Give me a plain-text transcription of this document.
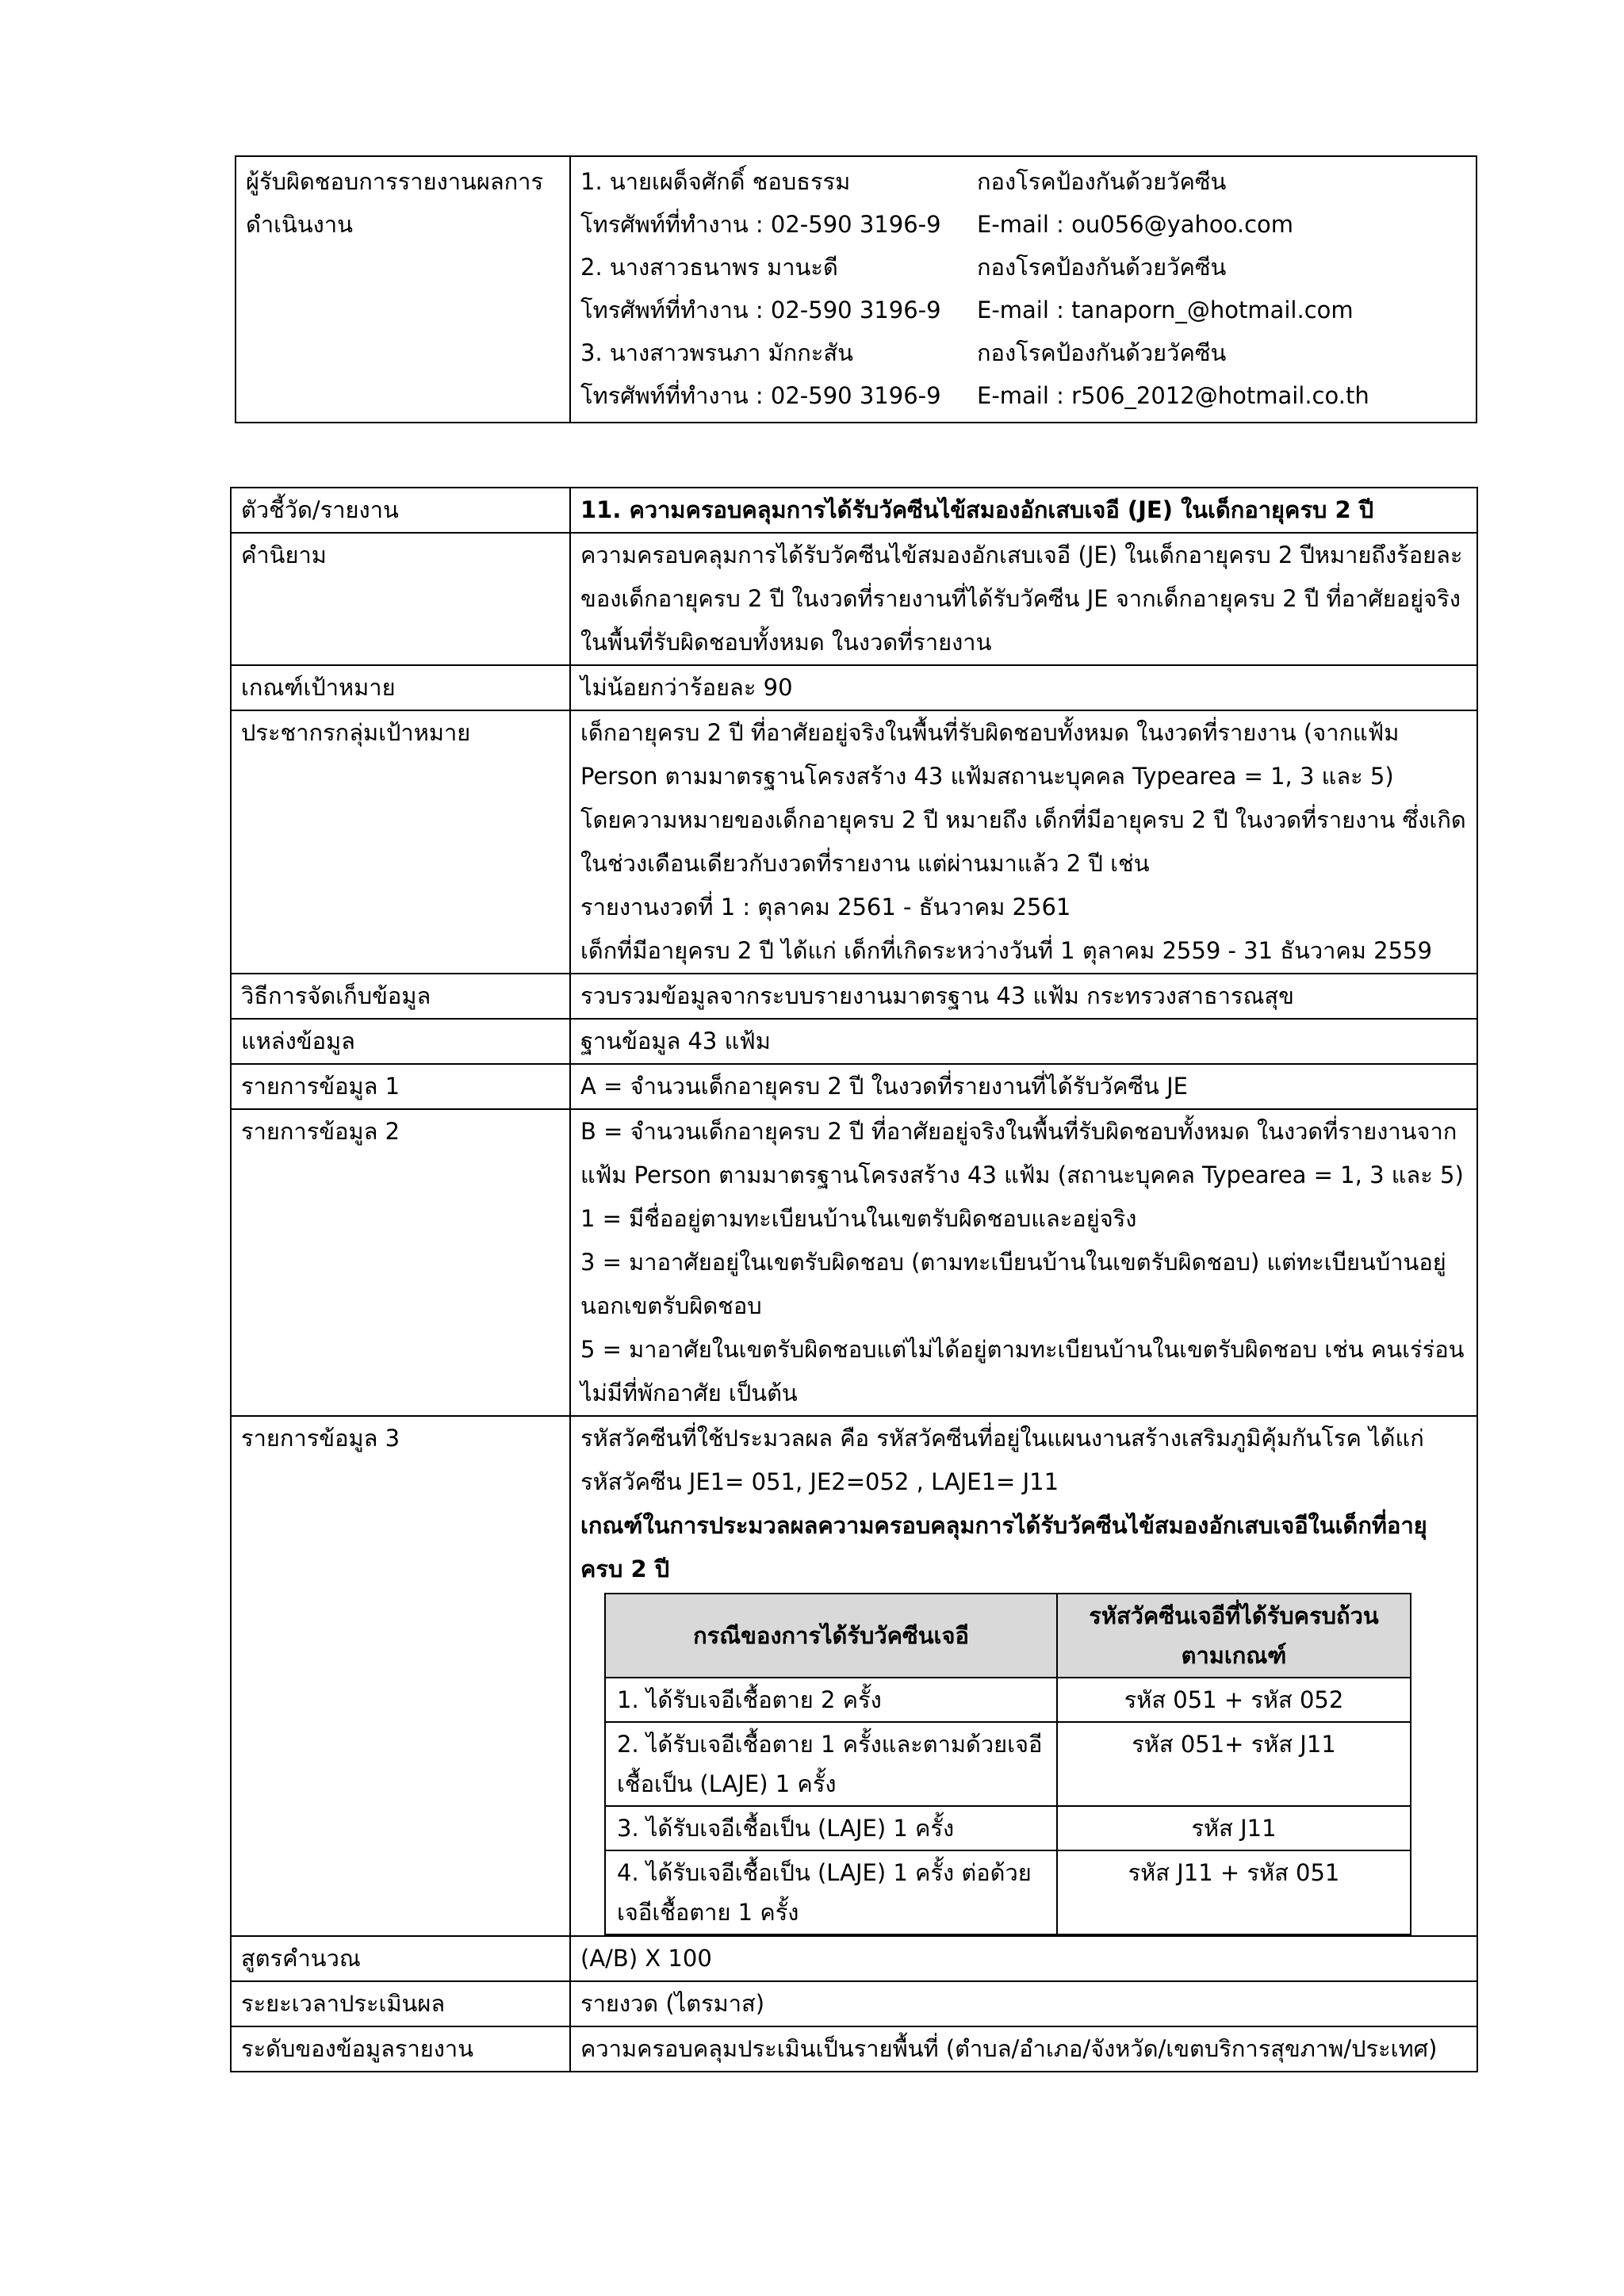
ผู้รับผิดชอบการรายงานผลการดำเนินงาน	
1. นายเผด็จศักดิ์ ชอบธรรม	กองโรคป้องกันด้วยวัคซีน
โทรศัพท์ที่ทำงาน : 02-590 3196-9 E-mail : ou056@yahoo.com
2. นางสาวธนาพร มานะดี	กองโรคป้องกันด้วยวัคซีน
โทรศัพท์ที่ทำงาน : 02-590 3196-9 E-mail : tanaporn_@hotmail.com
3. นางสาวพรนภา มักกะสัน	กองโรคป้องกันด้วยวัคซีน
โทรศัพท์ที่ทำงาน : 02-590 3196-9 E-mail : r506_2012@hotmail.co.th
ตัวชี้วัด/รายงาน	11. ความครอบคลุมการได้รับวัคซีนไข้สมองอักเสบเจอี (JE) ในเด็กอายุครบ 2 ปี
คำนิยาม	ความครอบคลุมการได้รับวัคซีนไข้สมองอักเสบเจอี (JE) ในเด็กอายุครบ 2 ปีหมายถึงร้อยละของเด็กอายุครบ 2 ปี ในงวดที่รายงานที่ได้รับวัคซีน JE จากเด็กอายุครบ 2 ปี ที่อาศัยอยู่จริงในพื้นที่รับผิดชอบทั้งหมด ในงวดที่รายงาน
เกณฑ์เป้าหมาย	ไม่น้อยกว่าร้อยละ 90
ประชากรกลุ่มเป้าหมาย	เด็กอายุครบ 2 ปี ที่อาศัยอยู่จริงในพื้นที่รับผิดชอบทั้งหมด ในงวดที่รายงาน (จากแฟ้ม Person ตามมาตรฐานโครงสร้าง 43 แฟ้มสถานะบุคคล Typearea = 1, 3 และ 5)
โดยความหมายของเด็กอายุครบ 2 ปี หมายถึง เด็กที่มีอายุครบ 2 ปี ในงวดที่รายงาน ซึ่งเกิดในช่วงเดือนเดียวกับงวดที่รายงาน แต่ผ่านมาแล้ว 2 ปี เช่น
รายงานงวดที่ 1 : ตุลาคม 2561 - ธันวาคม 2561
เด็กที่มีอายุครบ 2 ปี ได้แก่ เด็กที่เกิดระหว่างวันที่ 1 ตุลาคม 2559 - 31 ธันวาคม 2559

วิธีการจัดเก็บข้อมูล	รวบรวมข้อมูลจากระบบรายงานมาตรฐาน 43 แฟ้ม กระทรวงสาธารณสุข
แหล่งข้อมูล	ฐานข้อมูล 43 แฟ้ม
รายการข้อมูล 1	A = จำนวนเด็กอายุครบ 2 ปี ในงวดที่รายงานที่ได้รับวัคซีน JE
รายการข้อมูล 2	B = จำนวนเด็กอายุครบ 2 ปี ที่อาศัยอยู่จริงในพื้นที่รับผิดชอบทั้งหมด ในงวดที่รายงานจากแฟ้ม Person ตามมาตรฐานโครงสร้าง 43 แฟ้ม (สถานะบุคคล Typearea = 1, 3 และ 5)
1 = มีชื่ออยู่ตามทะเบียนบ้านในเขตรับผิดชอบและอยู่จริง
3 = มาอาศัยอยู่ในเขตรับผิดชอบ (ตามทะเบียนบ้านในเขตรับผิดชอบ) แต่ทะเบียนบ้านอยู่นอกเขตรับผิดชอบ
5 = มาอาศัยในเขตรับผิดชอบแต่ไม่ได้อยู่ตามทะเบียนบ้านในเขตรับผิดชอบ เช่น คนเร่ร่อน ไม่มีที่พักอาศัย เป็นต้น

รายการข้อมูล 3	รหัสวัคซีนที่ใช้ประมวลผล คือ รหัสวัคซีนที่อยู่ในแผนงานสร้างเสริมภูมิคุ้มกันโรค ได้แก่ รหัสวัคซีน JE1= 051, JE2=052 , LAJE1= J11
เกณฑ์ในการประมวลผลความครอบคลุมการได้รับวัคซีนไข้สมองอักเสบเจอีในเด็กที่อายุครบ 2 ปี
กรณีของการได้รับวัคซีนเจอี	รหัสวัคซีนเจอีที่ได้รับครบถ้วนตามเกณฑ์
1. ได้รับเจอีเชื้อตาย 2 ครั้ง	รหัส 051 + รหัส 052
2. ได้รับเจอีเชื้อตาย 1 ครั้งและตามด้วยเจอีเชื้อเป็น (LAJE) 1 ครั้ง	รหัส 051+ รหัส J11
3. ได้รับเจอีเชื้อเป็น (LAJE) 1 ครั้ง	รหัส J11
4. ได้รับเจอีเชื้อเป็น (LAJE) 1 ครั้ง ต่อด้วยเจอีเชื้อตาย 1 ครั้ง	รหัส J11 + รหัส 051

สูตรคำนวณ	(A/B) X 100
ระยะเวลาประเมินผล	รายงวด (ไตรมาส)
ระดับของข้อมูลรายงาน	ความครอบคลุมประเมินเป็นรายพื้นที่ (ตำบล/อำเภอ/จังหวัด/เขตบริการสุขภาพ/ประเทศ)
